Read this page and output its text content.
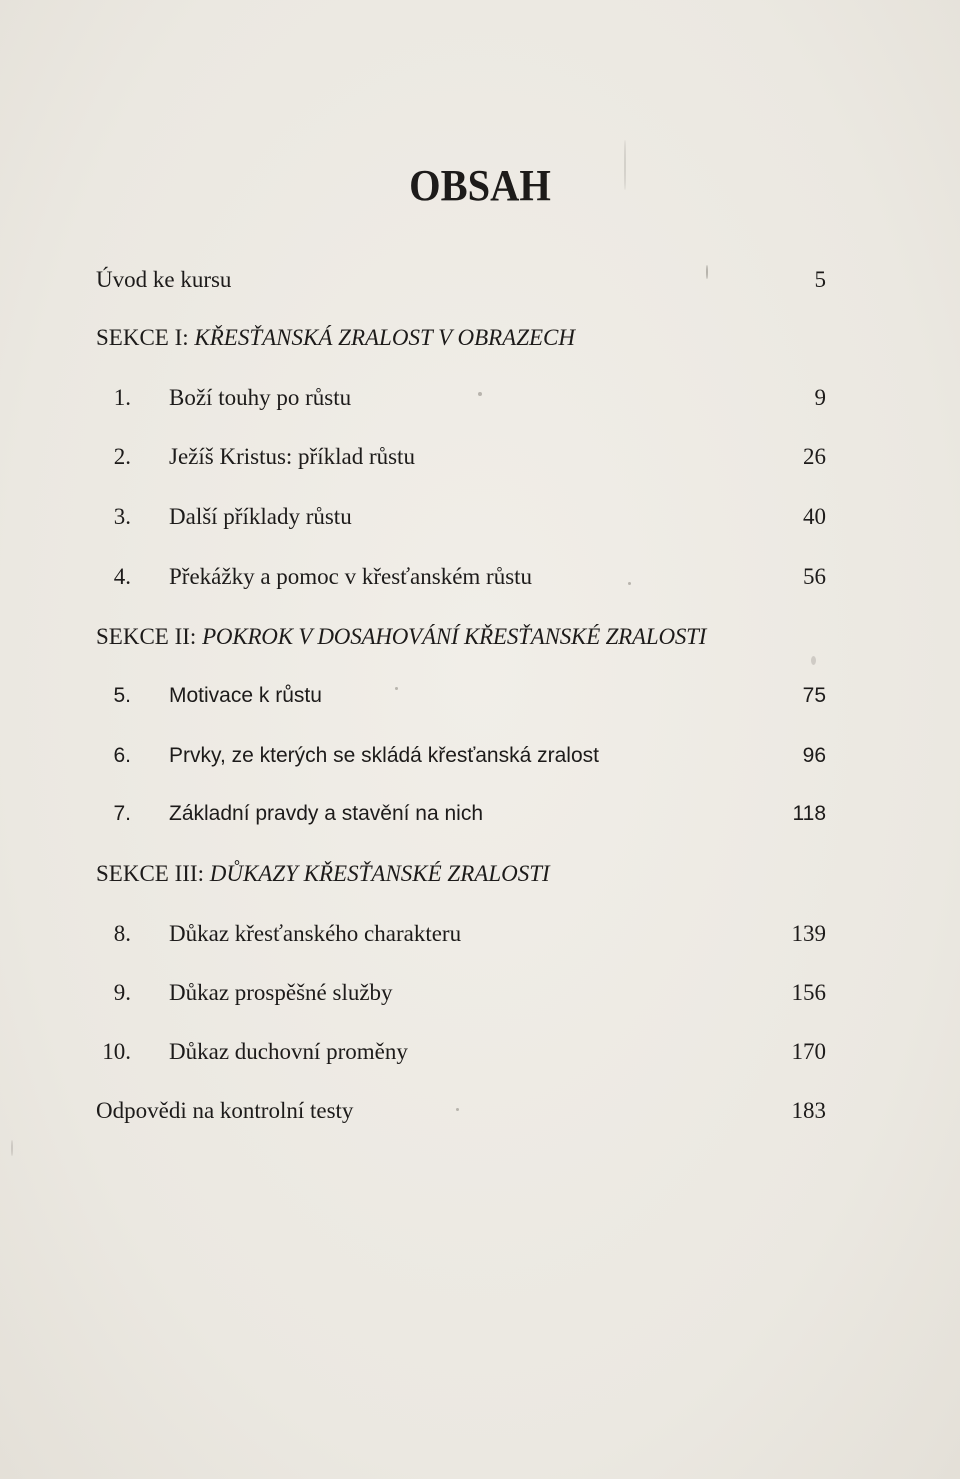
OBSAH
Úvod ke kursu	5
SEKCE I: KŘESŤANSKÁ ZRALOST V OBRAZECH
1. Boží touhy po růstu	9
2. Ježíš Kristus: příklad růstu	26
3. Další příklady růstu	40
4. Překážky a pomoc v křesťanském růstu	56
SEKCE II: POKROK V DOSAHOVÁNÍ KŘESŤANSKÉ ZRALOSTI
5. Motivace k růstu	75
6. Prvky, ze kterých se skládá křesťanská zralost	96
7. Základní pravdy a stavění na nich	118
SEKCE III: DŮKAZY KŘESŤANSKÉ ZRALOSTI
8. Důkaz křesťanského charakteru	139
9. Důkaz prospěšné služby	156
10. Důkaz duchovní proměny	170
Odpovědi na kontrolní testy	183
